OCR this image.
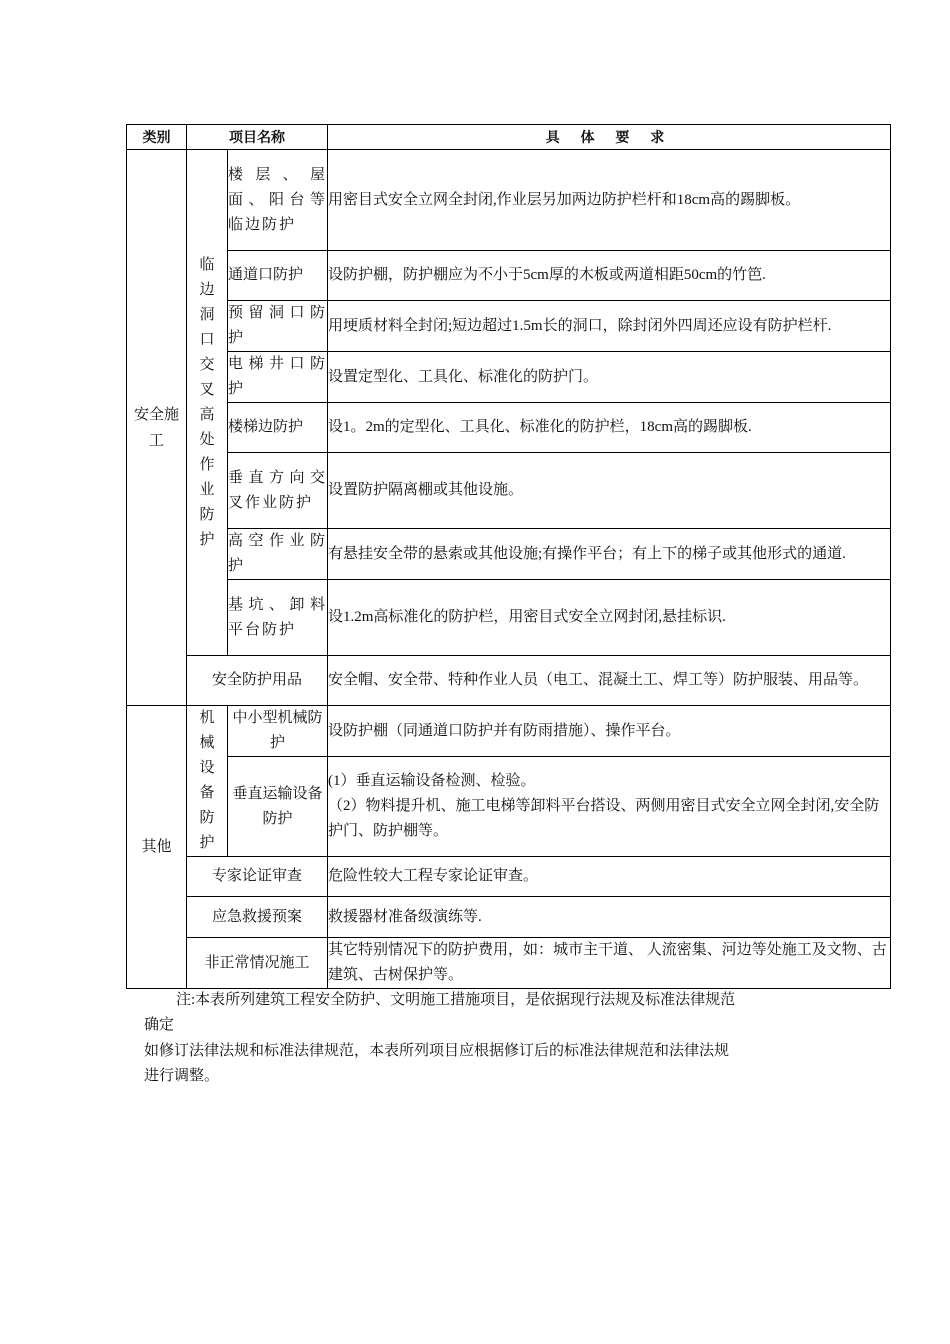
类别	项目名称		具 体 要 求
安全施工	临边洞口交叉高处作业防护	楼层、屋面、阳台等临边防护	用密目式安全立网全封闭,作业层另加两边防护栏杆和18cm高的踢脚板。
		通道口防护	设防护棚，防护棚应为不小于5cm厚的木板或两道相距50cm的竹笆.
		预留洞口防护	用埂质材料全封闭;短边超过1.5m长的洞口，除封闭外四周还应设有防护栏杆.
		电梯井口防护	设置定型化、工具化、标准化的防护门。
		楼梯边防护	设1。2m的定型化、工具化、标准化的防护栏，18cm高的踢脚板.
		垂直方向交叉作业防护	设置防护隔离棚或其他设施。
		高空作业防护	有悬挂安全带的悬索或其他设施;有操作平台；有上下的梯子或其他形式的通道.
		基坑、卸料平台防护	设1.2m高标准化的防护栏，用密目式安全立网封闭,悬挂标识.
	安全防护用品		安全帽、安全带、特种作业人员（电工、混凝土工、焊工等）防护服装、用品等。
其他	机械设备防护	中小型机械防护	设防护棚（同通道口防护并有防雨措施）、操作平台。
		垂直运输设备防护	(1）垂直运输设备检测、检验。
（2）物料提升机、施工电梯等卸料平台搭设、两侧用密目式安全立网全封闭,安全防护门、防护棚等。

	专家论证审查		危险性较大工程专家论证审查。
	应急救援预案		救援器材准备级演练等.
	非正常情况施工		其它特别情况下的防护费用，如：城市主干道、 人流密集、河边等处施工及文物、古建筑、古树保护等。
注:本表所列建筑工程安全防护、文明施工措施项目，是依据现行法规及标准法律规范
确定
如修订法律法规和标准法律规范，本表所列项目应根据修订后的标准法律规范和法律法规
进行调整。
